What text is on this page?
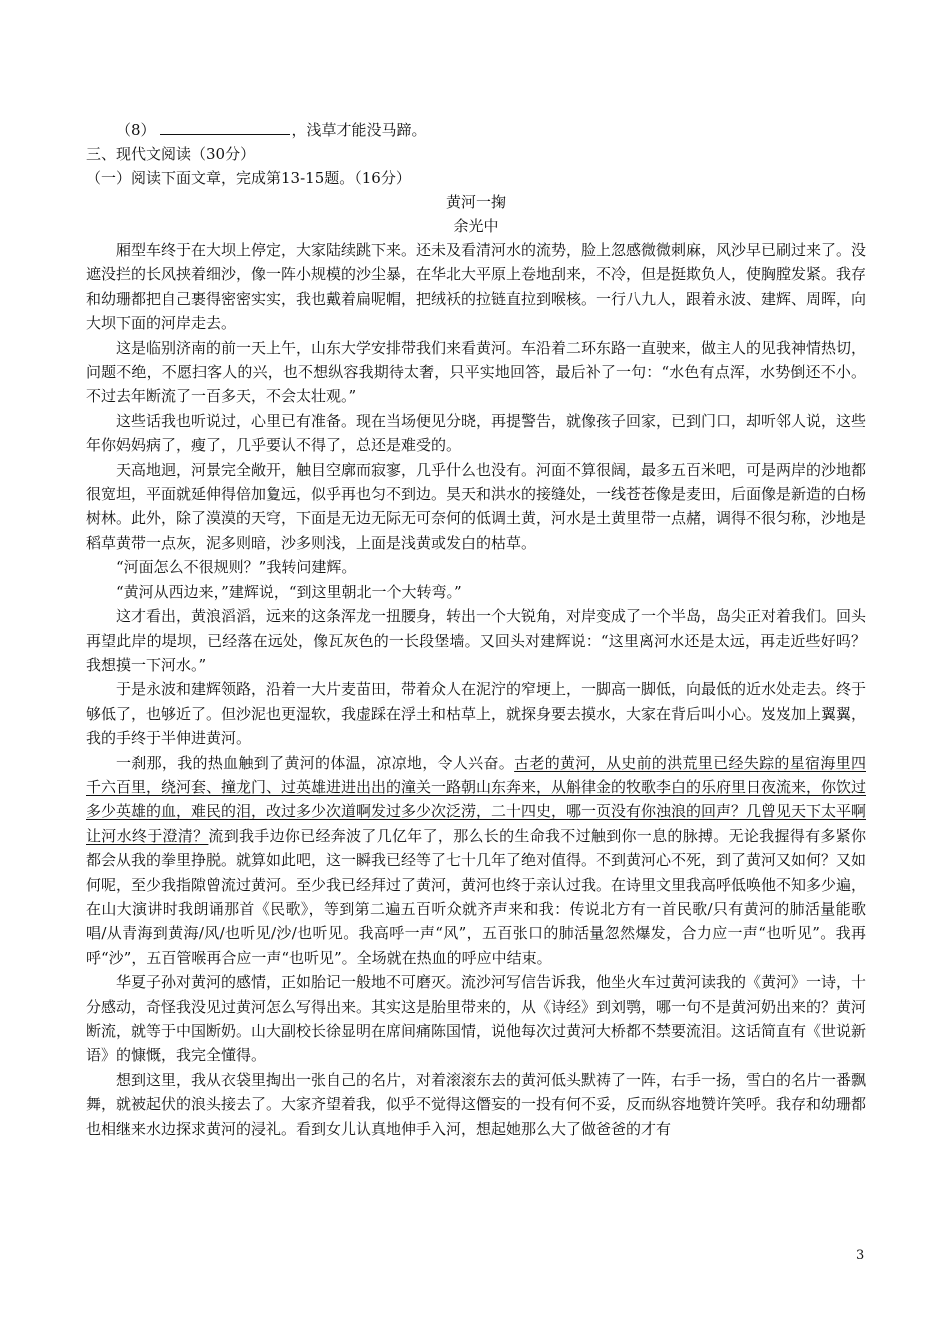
（8）	，浅草才能没马蹄。

三、现代文阅读（30分）

（一）阅读下面文章，完成第13-15题。（16分）

黄河一掬

余光中

厢型车终于在大坝上停定，大家陆续跳下来。还未及看清河水的流势，脸上忽感微微刺麻，风沙早已刷过来了。没遮没拦的长风挟着细沙，像一阵小规模的沙尘暴，在华北大平原上卷地刮来，不冷，但是挺欺负人，使胸膛发紧。我存和幼珊都把自己裹得密密实实，我也戴着扁呢帽，把绒袄的拉链直拉到喉核。一行八九人，跟着永波、建辉、周晖，向大坝下面的河岸走去。

这是临别济南的前一天上午，山东大学安排带我们来看黄河。车沿着二环东路一直驶来，做主人的见我神情热切，问题不绝，不愿扫客人的兴，也不想纵容我期待太奢，只平实地回答，最后补了一句：“水色有点浑，水势倒还不小。不过去年断流了一百多天，不会太壮观。”

这些话我也听说过，心里已有准备。现在当场便见分晓，再提警告，就像孩子回家，已到门口，却听邻人说，这些年你妈妈病了，瘦了，几乎要认不得了，总还是难受的。

天高地迥，河景完全敞开，触目空廓而寂寥，几乎什么也没有。河面不算很阔，最多五百米吧，可是两岸的沙地都很宽坦，平面就延伸得倍加夐远，似乎再也匀不到边。昊天和洪水的接缝处，一线苍苍像是麦田，后面像是新造的白杨树林。此外，除了漠漠的天穹，下面是无边无际无可奈何的低调土黄，河水是土黄里带一点赭，调得不很匀称，沙地是稻草黄带一点灰，泥多则暗，沙多则浅，上面是浅黄或发白的枯草。

“河面怎么不很规则？”我转问建辉。

“黄河从西边来，”建辉说，“到这里朝北一个大转弯。”

这才看出，黄浪滔滔，远来的这条浑龙一扭腰身，转出一个大锐角，对岸变成了一个半岛，岛尖正对着我们。回头再望此岸的堤坝，已经落在远处，像瓦灰色的一长段堡墙。又回头对建辉说：“这里离河水还是太远，再走近些好吗？我想摸一下河水。”

于是永波和建辉领路，沿着一大片麦苗田，带着众人在泥泞的窄埂上，一脚高一脚低，向最低的近水处走去。终于够低了，也够近了。但沙泥也更湿软，我虚踩在浮土和枯草上，就探身要去摸水，大家在背后叫小心。岌岌加上翼翼，我的手终于半伸进黄河。

一刹那，我的热血触到了黄河的体温，凉凉地，令人兴奋。古老的黄河，从史前的洪荒里已经失踪的星宿海里四千六百里，绕河套、撞龙门、过英雄进进出出的潼关一路朝山东奔来，从斛律金的牧歌李白的乐府里日夜流来，你饮过多少英雄的血，难民的泪，改过多少次道啊发过多少次泛涝，二十四史，哪一页没有你浊浪的回声？几曾见天下太平啊让河水终于澄清？流到我手边你已经奔波了几亿年了，那么长的生命我不过触到你一息的脉搏。无论我握得有多紧你都会从我的拳里挣脱。就算如此吧，这一瞬我已经等了七十几年了绝对值得。不到黄河心不死，到了黄河又如何？又如何呢，至少我指隙曾流过黄河。至少我已经拜过了黄河，黄河也终于亲认过我。在诗里文里我高呼低唤他不知多少遍，在山大演讲时我朗诵那首《民歌》，等到第二遍五百听众就齐声来和我：传说北方有一首民歌/只有黄河的肺活量能歌唱/从青海到黄海/风/也听见/沙/也听见。我高呼一声“风”，五百张口的肺活量忽然爆发，合力应一声“也听见”。我再呼“沙”，五百管喉再合应一声“也听见”。全场就在热血的呼应中结束。

华夏子孙对黄河的感情，正如胎记一般地不可磨灭。流沙河写信告诉我，他坐火车过黄河读我的《黄河》一诗，十分感动，奇怪我没见过黄河怎么写得出来。其实这是胎里带来的，从《诗经》到刘鹗，哪一句不是黄河奶出来的？黄河断流，就等于中国断奶。山大副校长徐显明在席间痛陈国情，说他每次过黄河大桥都不禁要流泪。这话简直有《世说新语》的慷慨，我完全懂得。

想到这里，我从衣袋里掏出一张自己的名片，对着滚滚东去的黄河低头默祷了一阵，右手一扬，雪白的名片一番飘舞，就被起伏的浪头接去了。大家齐望着我，似乎不觉得这僭妄的一投有何不妥，反而纵容地赞许笑呼。我存和幼珊都也相继来水边探求黄河的浸礼。看到女儿认真地伸手入河，想起她那么大了做爸爸的才有

3
